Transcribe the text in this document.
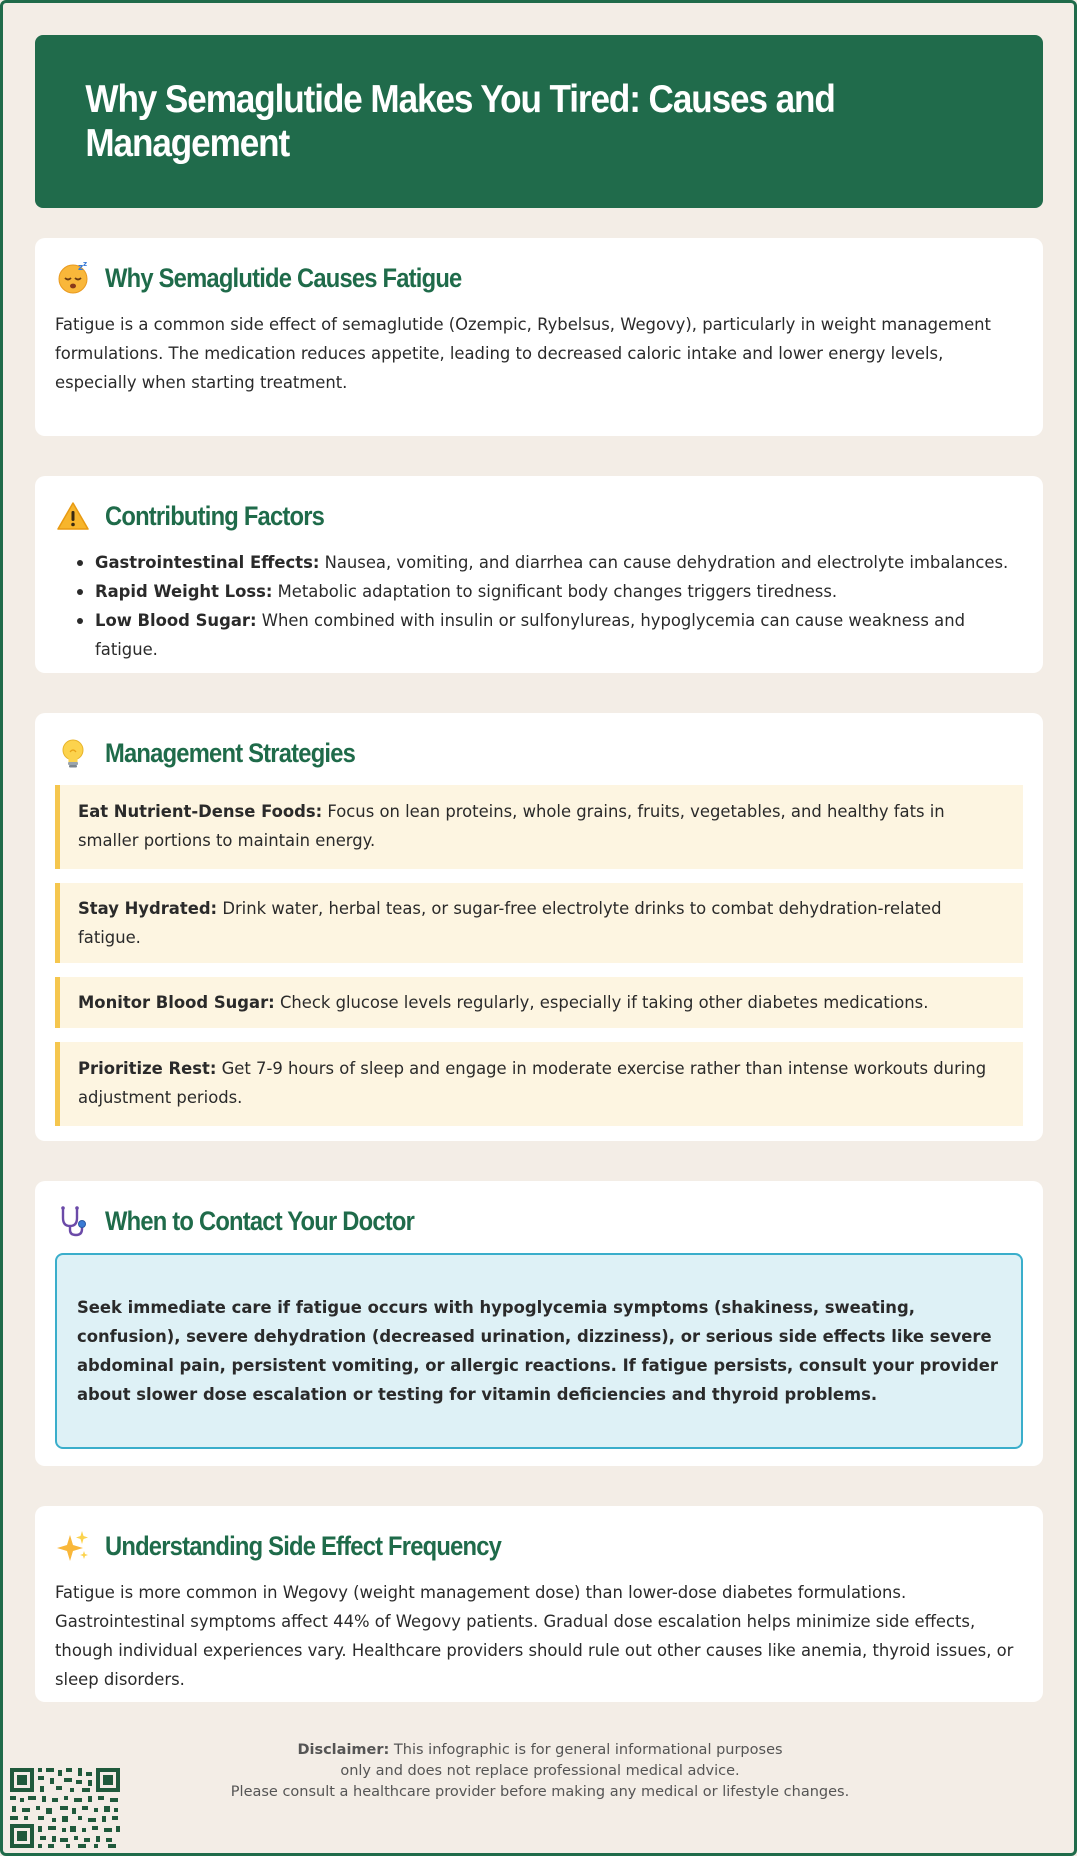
Why Semaglutide Makes You Tired: Causes and Management
z z Why Semaglutide Causes Fatigue

Fatigue is a common side effect of semaglutide (Ozempic, Rybelsus, Wegovy), particularly in weight management formulations. The medication reduces appetite, leading to decreased caloric intake and lower energy levels, especially when starting treatment.

Contributing Factors
Gastrointestinal Effects: Nausea, vomiting, and diarrhea can cause dehydration and electrolyte imbalances.
Rapid Weight Loss: Metabolic adaptation to significant body changes triggers tiredness.
Low Blood Sugar: When combined with insulin or sulfonylureas, hypoglycemia can cause weakness and fatigue.
Management Strategies
Eat Nutrient-Dense Foods: Focus on lean proteins, whole grains, fruits, vegetables, and healthy fats in smaller portions to maintain energy.
Stay Hydrated: Drink water, herbal teas, or sugar-free electrolyte drinks to combat dehydration-related fatigue.
Monitor Blood Sugar: Check glucose levels regularly, especially if taking other diabetes medications.
Prioritize Rest: Get 7-9 hours of sleep and engage in moderate exercise rather than intense workouts during adjustment periods.
When to Contact Your Doctor
Seek immediate care if fatigue occurs with hypoglycemia symptoms (shakiness, sweating, confusion), severe dehydration (decreased urination, dizziness), or serious side effects like severe abdominal pain, persistent vomiting, or allergic reactions. If fatigue persists, consult your provider about slower dose escalation or testing for vitamin deficiencies and thyroid problems.
Understanding Side Effect Frequency

Fatigue is more common in Wegovy (weight management dose) than lower-dose diabetes formulations. Gastrointestinal symptoms affect 44% of Wegovy patients. Gradual dose escalation helps minimize side effects, though individual experiences vary. Healthcare providers should rule out other causes like anemia, thyroid issues, or sleep disorders.

Disclaimer: This infographic is for general informational purposes
only and does not replace professional medical advice.
Please consult a healthcare provider before making any medical or lifestyle changes.
